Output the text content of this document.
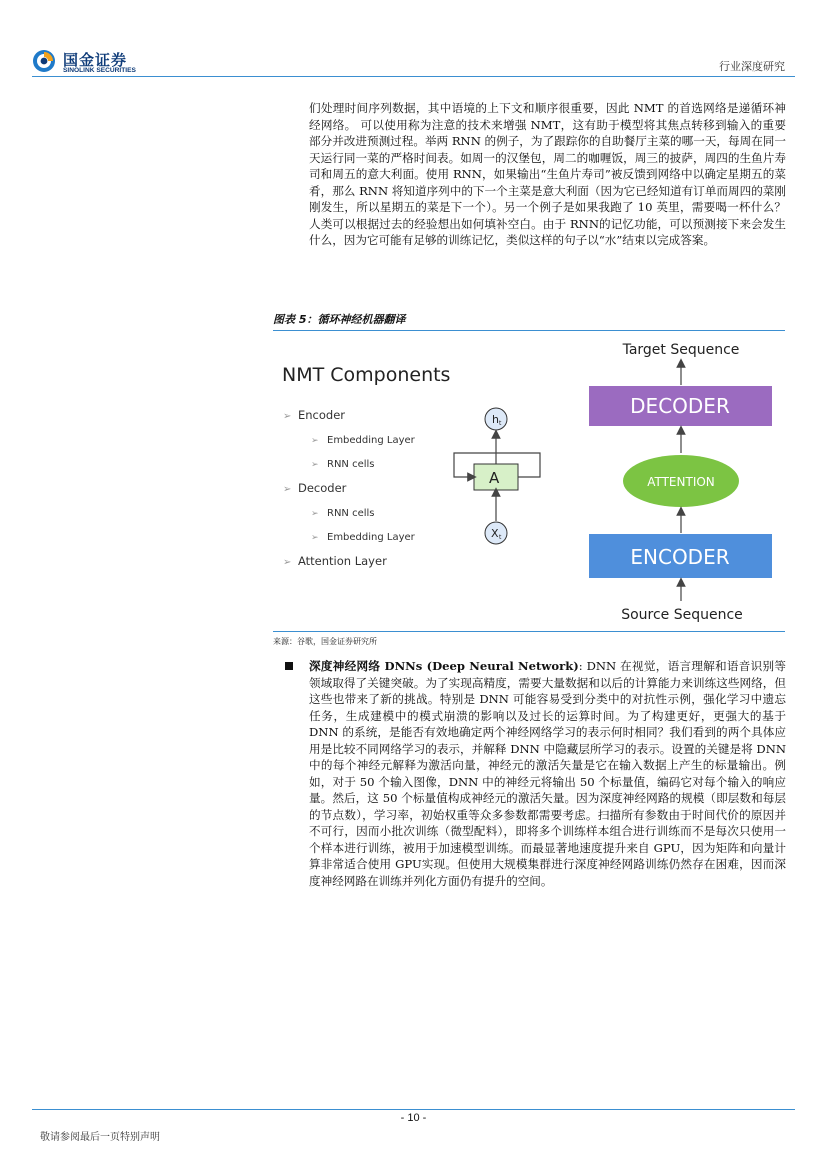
国金证券
SINOLINK SECURITIES	行业深度研究
们处理时间序列数据，其中语境的上下文和顺序很重要，因此 NMT 的首选网络是递循环神经网络。 可以使用称为注意的技术来增强 NMT，这有助于模型将其焦点转移到输入的重要部分并改进预测过程。举两 RNN 的例子，为了跟踪你的自助餐厅主菜的哪一天，每周在同一天运行同一菜的严格时间表。如周一的汉堡包，周二的咖喱饭，周三的披萨，周四的生鱼片寿司和周五的意大利面。使用 RNN，如果输出“生鱼片寿司”被反馈到网络中以确定星期五的菜肴，那么 RNN 将知道序列中的下一个主菜是意大利面（因为它已经知道有订单而周四的菜刚刚发生，所以星期五的菜是下一个）。另一个例子是如果我跑了 10 英里，需要喝一杯什么？人类可以根据过去的经验想出如何填补空白。由于 RNN的记忆功能，可以预测接下来会发生什么，因为它可能有足够的训练记忆，类似这样的句子以“水”结束以完成答案。
图表 5：循环神经机器翻译
NMT Components
➢ Encoder
➢ Embedding Layer
➢ RNN cells
➢ Decoder
➢ RNN cells
➢ Embedding Layer
➢ Attention Layer
h t
A
X t
Target Sequence
DECODER
ATTENTION
ENCODER
Source Sequence
来源：谷歌，国金证券研究所
深度神经网络 DNNs (Deep Neural Network): DNN 在视觉，语言理解和语音识别等领域取得了关键突破。为了实现高精度，需要大量数据和以后的计算能力来训练这些网络，但这些也带来了新的挑战。特别是 DNN 可能容易受到分类中的对抗性示例，强化学习中遗忘任务，生成建模中的模式崩溃的影响以及过长的运算时间。为了构建更好，更强大的基于 DNN 的系统，是能否有效地确定两个神经网络学习的表示何时相同？我们看到的两个具体应用是比较不同网络学习的表示，并解释 DNN 中隐藏层所学习的表示。设置的关键是将 DNN 中的每个神经元解释为激活向量，神经元的激活矢量是它在输入数据上产生的标量输出。例如，对于 50 个输入图像，DNN 中的神经元将输出 50 个标量值，编码它对每个输入的响应量。然后，这 50 个标量值构成神经元的激活矢量。因为深度神经网路的规模（即层数和每层的节点数），学习率，初始权重等众多参数都需要考虑。扫描所有参数由于时间代价的原因并不可行，因而小批次训练（微型配料），即将多个训练样本组合进行训练而不是每次只使用一个样本进行训练，被用于加速模型训练。而最显著地速度提升来自 GPU，因为矩阵和向量计算非常适合使用 GPU实现。但使用大规模集群进行深度神经网路训练仍然存在困难，因而深度神经网路在训练并列化方面仍有提升的空间。
- 10 -
敬请参阅最后一页特别声明
